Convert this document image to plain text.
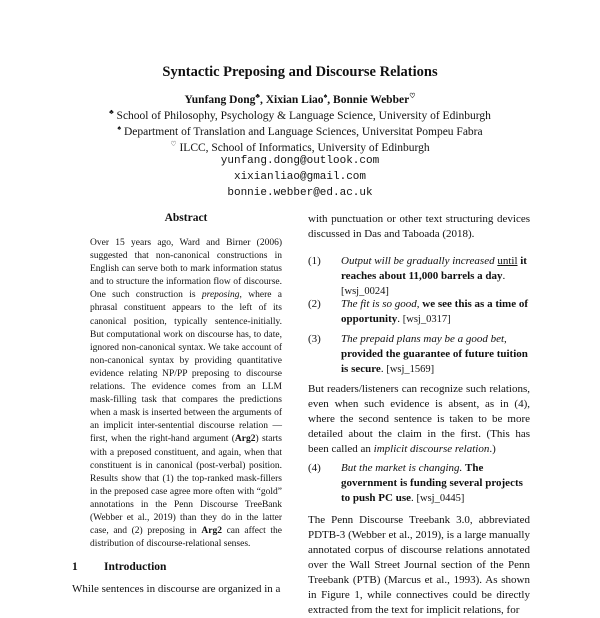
Syntactic Preposing and Discourse Relations
Yunfang Dong♣, Xixian Liao♠, Bonnie Webber♡
♣ School of Philosophy, Psychology & Language Science, University of Edinburgh
♠ Department of Translation and Language Sciences, Universitat Pompeu Fabra
♡ ILCC, School of Informatics, University of Edinburgh
yunfang.dong@outlook.com
xixianliao@gmail.com
bonnie.webber@ed.ac.uk
Abstract
Over 15 years ago, Ward and Birner (2006) suggested that non-canonical constructions in English can serve both to mark information status and to structure the information flow of discourse. One such construction is preposing, where a phrasal constituent appears to the left of its canonical position, typically sentence-initially. But computational work on discourse has, to date, ignored non-canonical syntax. We take account of non-canonical syntax by providing quantitative evidence relating NP/PP preposing to discourse relations. The evidence comes from an LLM mask-filling task that compares the predictions when a mask is inserted between the arguments of an implicit inter-sentential discourse relation — first, when the right-hand argument (Arg2) starts with a preposed constituent, and again, when that constituent is in canonical (post-verbal) position. Results show that (1) the top-ranked mask-fillers in the preposed case agree more often with “gold” annotations in the Penn Discourse TreeBank (Webber et al., 2019) than they do in the latter case, and (2) preposing in Arg2 can affect the distribution of discourse-relational senses.
1 Introduction
While sentences in discourse are organized in a
with punctuation or other text structuring devices discussed in Das and Taboada (2018).
(1) Output will be gradually increased until it reaches about 11,000 barrels a day. [wsj_0024]
(2) The fit is so good, we see this as a time of opportunity. [wsj_0317]
(3) The prepaid plans may be a good bet, provided the guarantee of future tuition is secure. [wsj_1569]
But readers/listeners can recognize such relations, even when such evidence is absent, as in (4), where the second sentence is taken to be more detailed about the claim in the first. (This has been called an implicit discourse relation.)
(4) But the market is changing. The government is funding several projects to push PC use. [wsj_0445]
The Penn Discourse Treebank 3.0, abbreviated PDTB-3 (Webber et al., 2019), is a large manually annotated corpus of discourse relations annotated over the Wall Street Journal section of the Penn Treebank (PTB) (Marcus et al., 1993). As shown in Figure 1, while connectives could be directly extracted from the text for implicit relations, for
